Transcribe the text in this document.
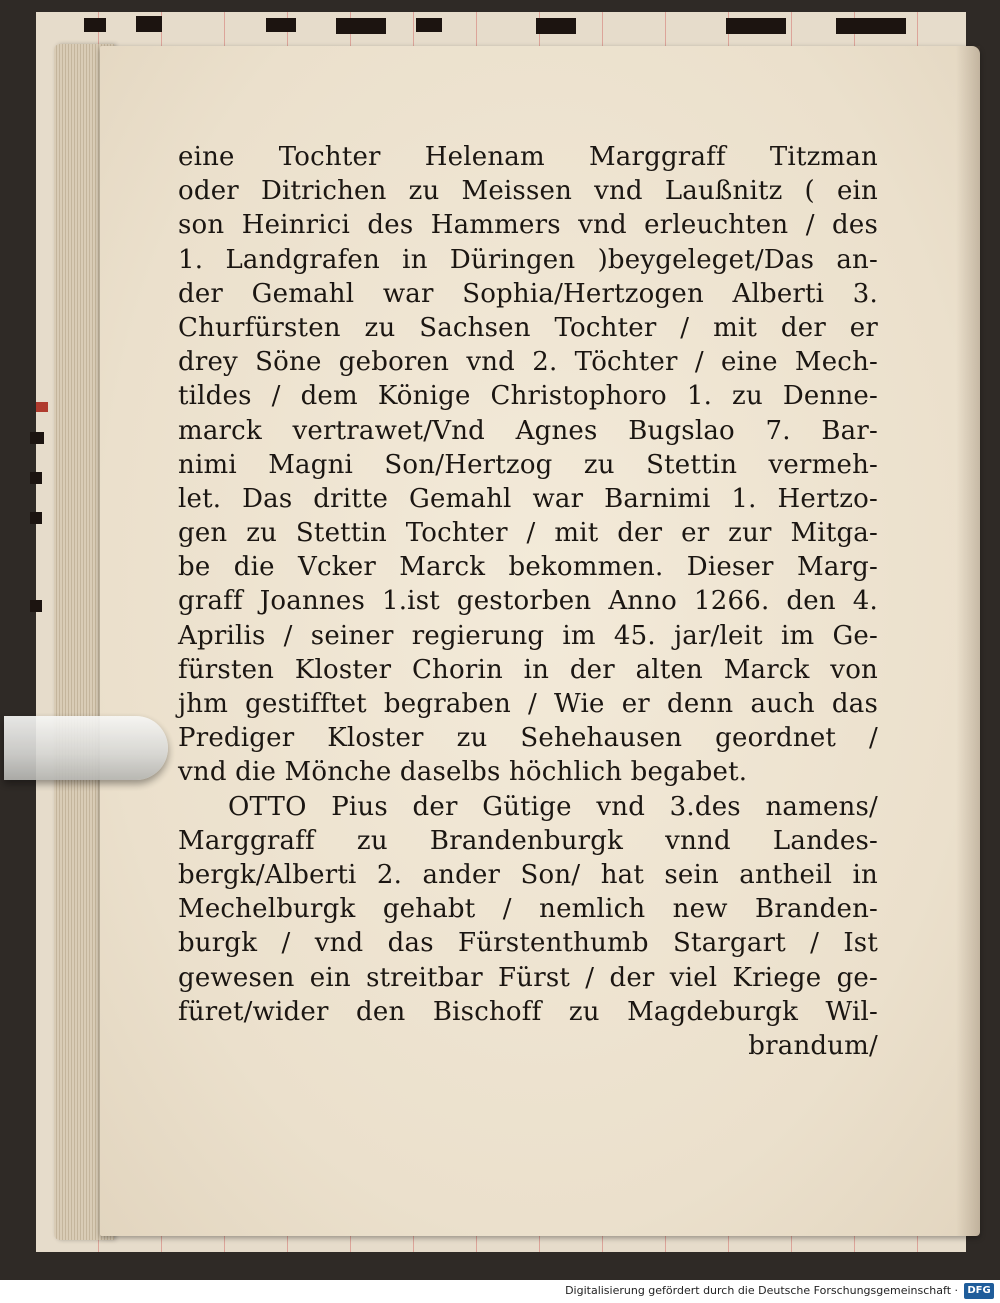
eine Tochter Helenam Marggraff Titzman
oder Ditrichen zu Meissen vnd Laußnitz ( ein
son Heinrici des Hammers vnd erleuchten / des
1. Landgrafen in Düringen )beygeleget/Das an-
der Gemahl war Sophia/Hertzogen Alberti 3.
Churfürsten zu Sachsen Tochter / mit der er
drey Söne geboren vnd 2. Töchter / eine Mech-
tildes / dem Könige Christophoro 1. zu Denne-
marck vertrawet/Vnd Agnes Bugslao 7. Bar-
nimi Magni Son/Hertzog zu Stettin vermeh-
let. Das dritte Gemahl war Barnimi 1. Hertzo-
gen zu Stettin Tochter / mit der er zur Mitga-
be die Vcker Marck bekommen. Dieser Marg-
graff Joannes 1.ist gestorben Anno 1266. den 4.
Aprilis / seiner regierung im 45. jar/leit im Ge-
fürsten Kloster Chorin in der alten Marck von
jhm gestifftet begraben / Wie er denn auch das
Prediger Kloster zu Sehehausen geordnet /
vnd die Mönche daselbs höchlich begabet.
OTTO Pius der Gütige vnd 3.des namens/
Marggraff zu Brandenburgk vnnd Landes-
bergk/Alberti 2. ander Son/ hat sein antheil in
Mechelburgk gehabt / nemlich new Branden-
burgk / vnd das Fürstenthumb Stargart / Ist
gewesen ein streitbar Fürst / der viel Kriege ge-
füret/wider den Bischoff zu Magdeburgk Wil-
brandum/
Digitalisierung gefördert durch die Deutsche Forschungsgemeinschaft · DFG
